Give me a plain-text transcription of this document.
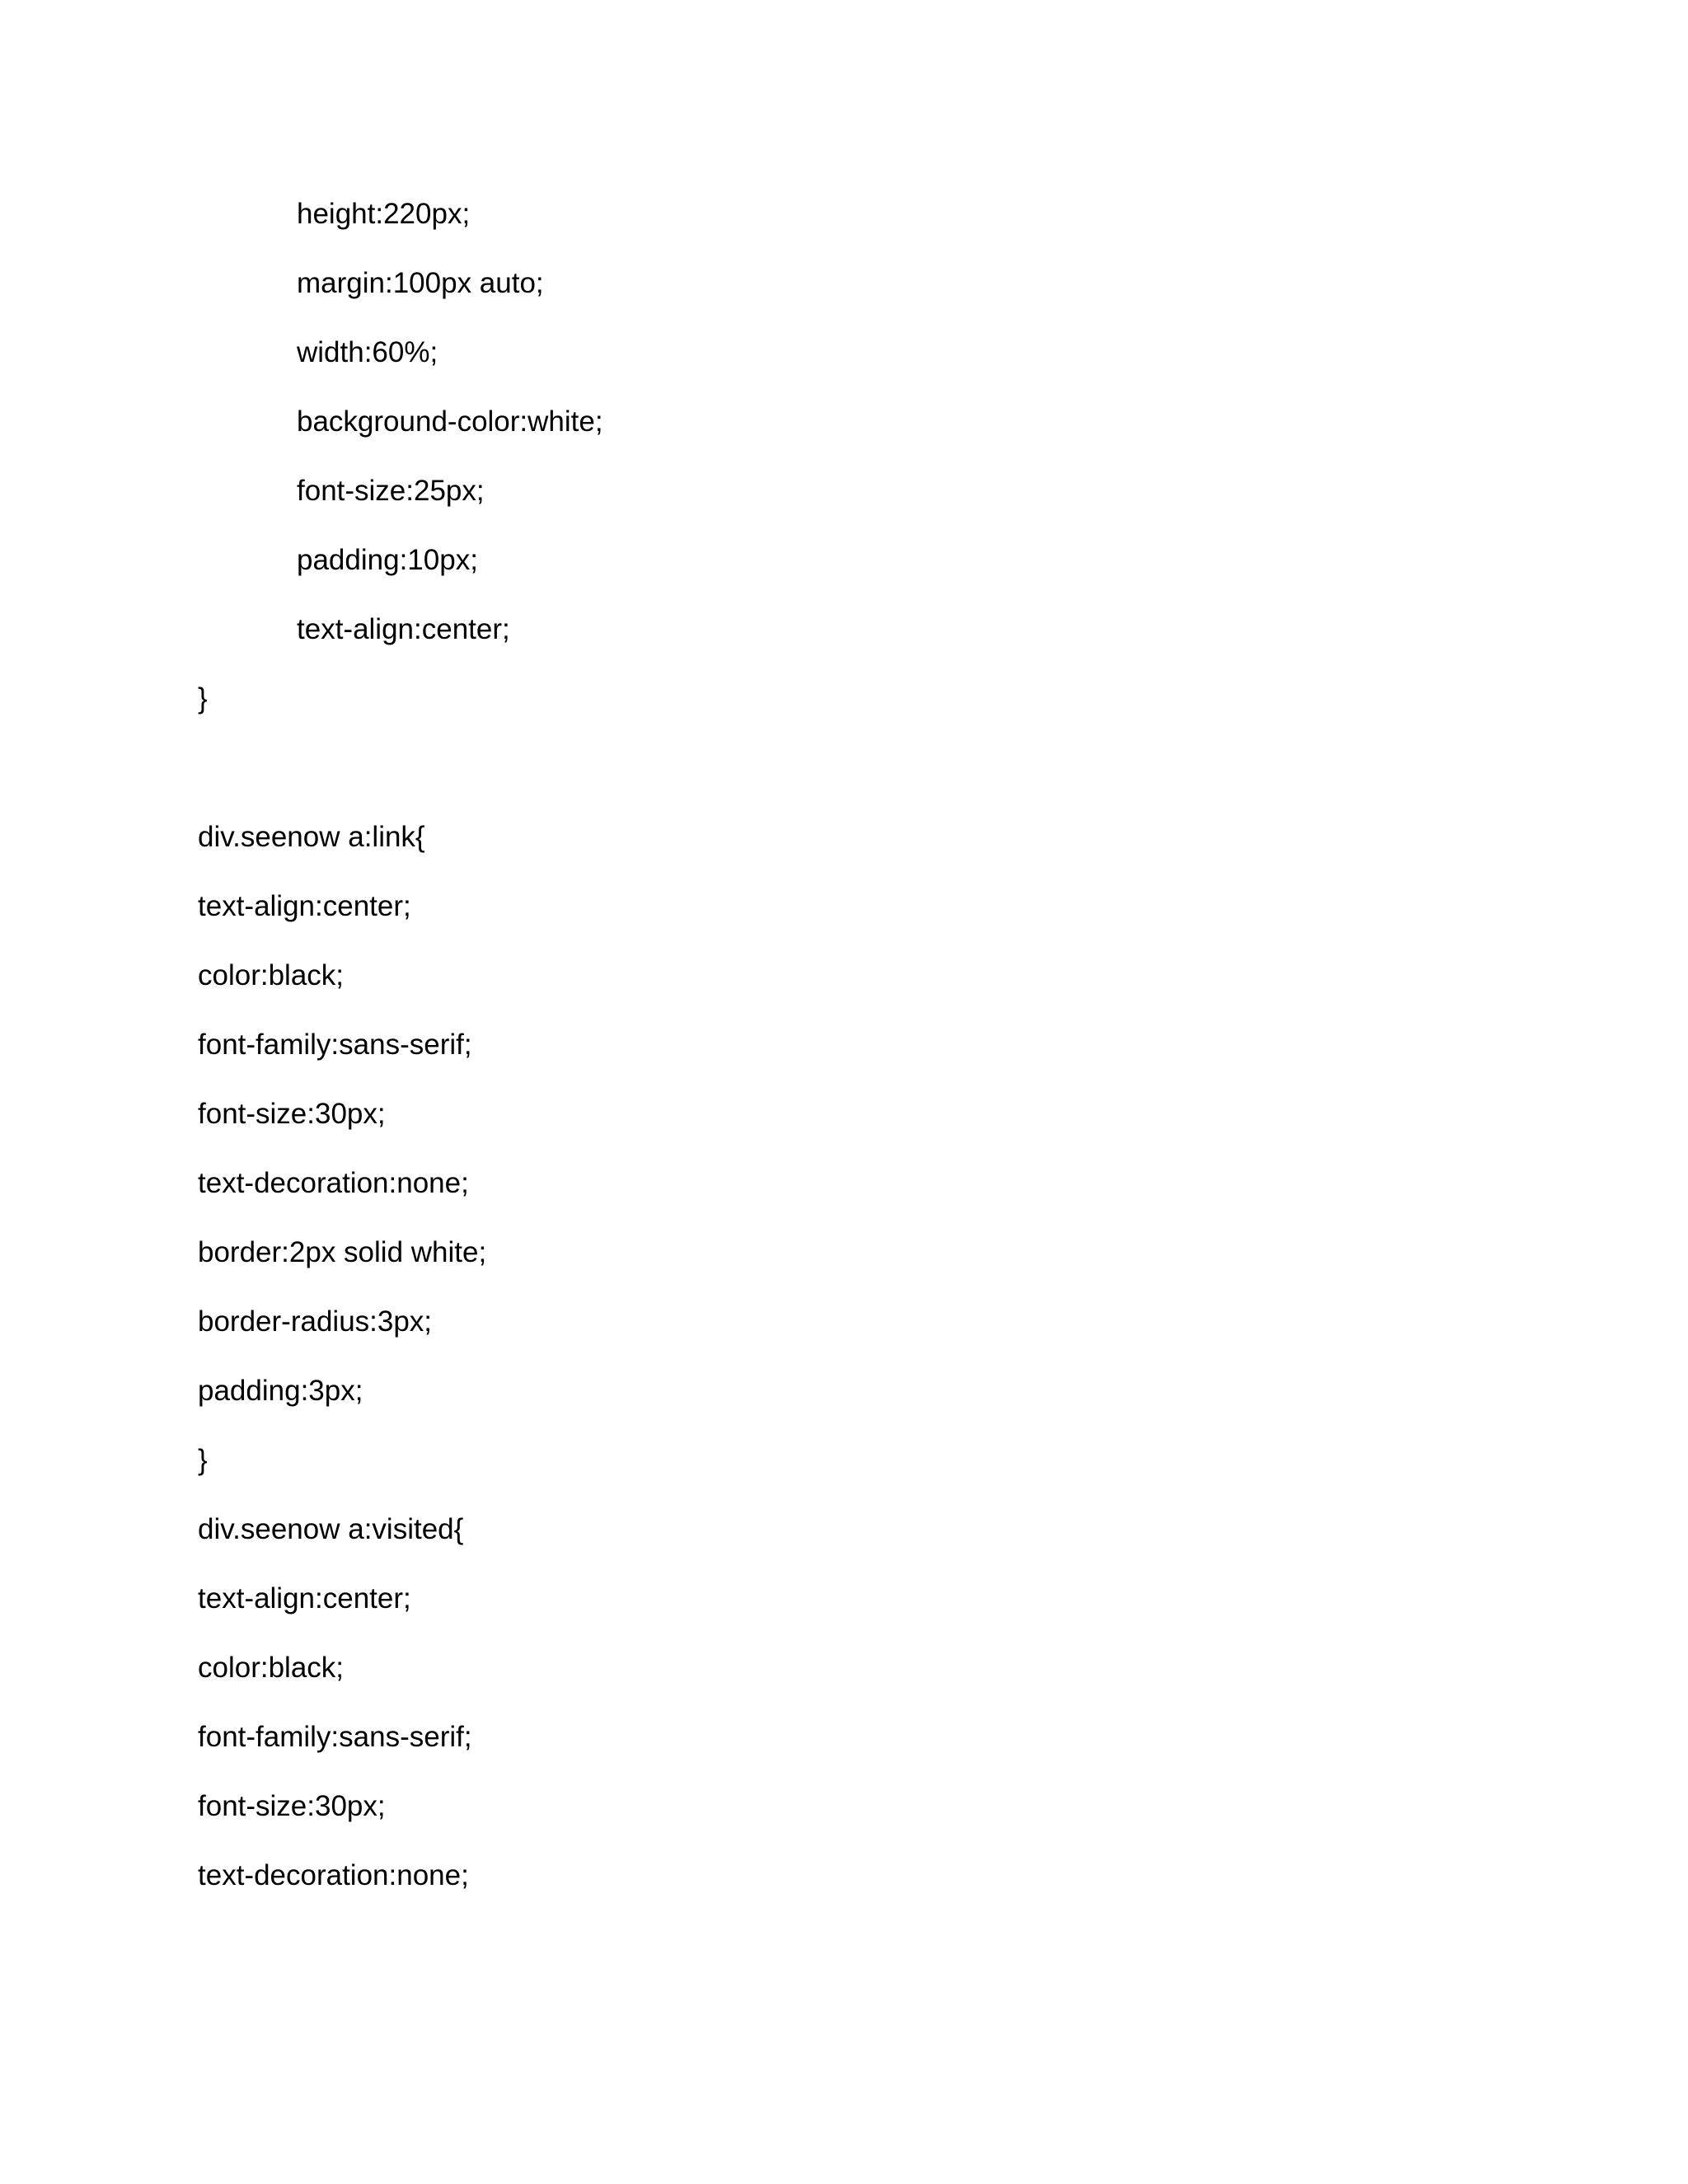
height:220px;
margin:100px auto;
width:60%;
background-color:white;
font-size:25px;
padding:10px;
text-align:center;
}
div.seenow a:link{
text-align:center;
color:black;
font-family:sans-serif;
font-size:30px;
text-decoration:none;
border:2px solid white;
border-radius:3px;
padding:3px;
}
div.seenow a:visited{
text-align:center;
color:black;
font-family:sans-serif;
font-size:30px;
text-decoration:none;
